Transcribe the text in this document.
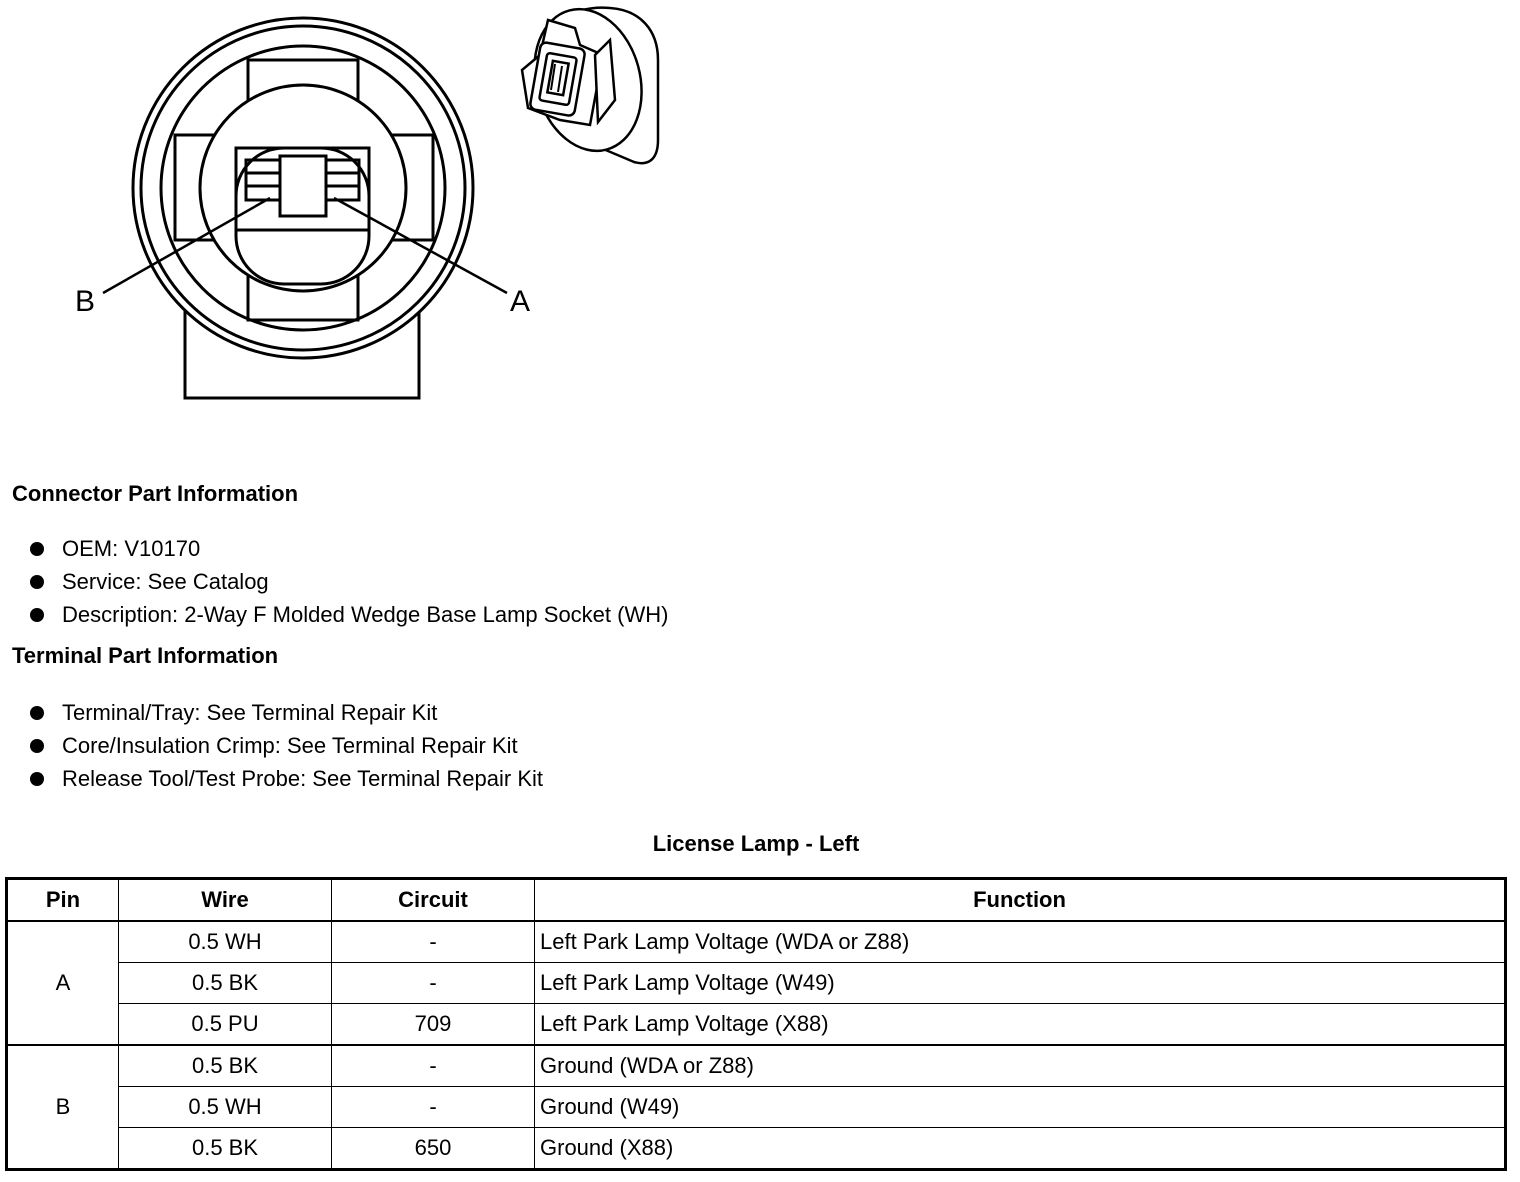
B	A
Connector Part Information
OEM: V10170
Service: See Catalog
Description: 2-Way F Molded Wedge Base Lamp Socket (WH)
Terminal Part Information
Terminal/Tray: See Terminal Repair Kit
Core/Insulation Crimp: See Terminal Repair Kit
Release Tool/Test Probe: See Terminal Repair Kit
License Lamp - Left
Pin	Wire	Circuit	Function
A	0.5 WH	-	Left Park Lamp Voltage (WDA or Z88)
	0.5 BK	-	Left Park Lamp Voltage (W49)
	0.5 PU	709	Left Park Lamp Voltage (X88)
B	0.5 BK	-	Ground (WDA or Z88)
	0.5 WH	-	Ground (W49)
	0.5 BK	650	Ground (X88)
